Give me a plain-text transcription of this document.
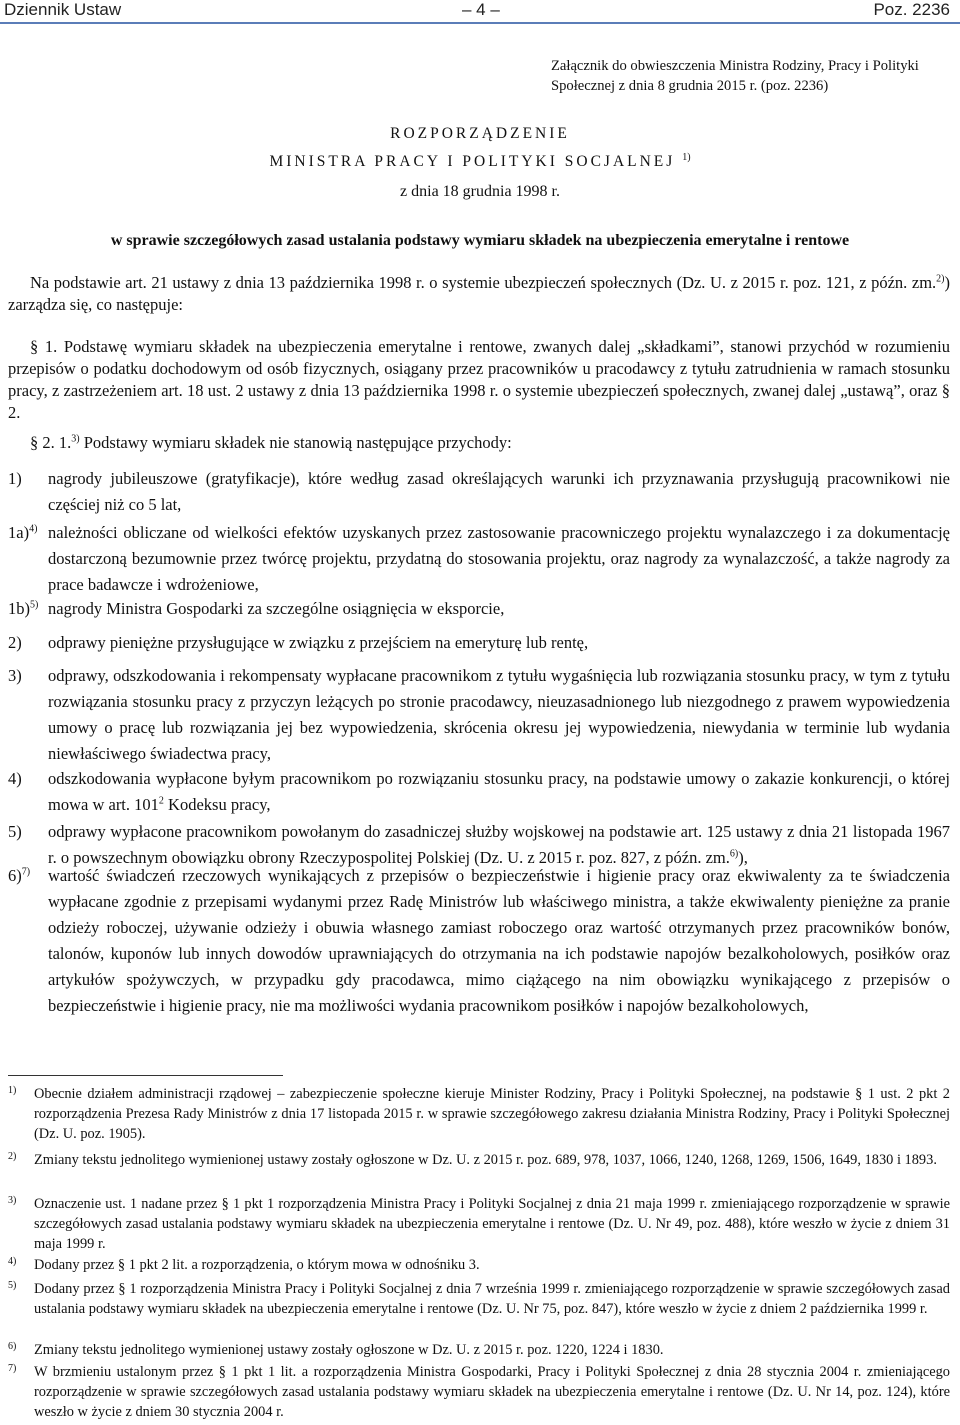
Dziennik Ustaw	– 4 –	Poz. 2236
Załącznik do obwieszczenia Ministra Rodziny, Pracy i Polityki Społecznej z dnia 8 grudnia 2015 r. (poz. 2236)
ROZPORZĄDZENIE
MINISTRA PRACY I POLITYKI SOCJALNEJ $^{1)}$
z dnia 18 grudnia 1998 r.
w sprawie szczegółowych zasad ustalania podstawy wymiaru składek na ubezpieczenia emerytalne i rentowe
Na podstawie art. 21 ustawy z dnia 13 października 1998 r. o systemie ubezpieczeń społecznych (Dz. U. z 2015 r. poz. 121, z późn. zm.$^{2)}$) zarządza się, co następuje:
§ 1. Podstawę wymiaru składek na ubezpieczenia emerytalne i rentowe, zwanych dalej „składkami”, stanowi przychód w rozumieniu przepisów o podatku dochodowym od osób fizycznych, osiągany przez pracowników u pracodawcy z tytułu zatrudnienia w ramach stosunku pracy, z zastrzeżeniem art. 18 ust. 2 ustawy z dnia 13 października 1998 r. o systemie ubezpieczeń społecznych, zwanej dalej „ustawą”, oraz § 2.
§ 2. 1.$^{3)}$ Podstawy wymiaru składek nie stanowią następujące przychody:
1)	nagrody jubileuszowe (gratyfikacje), które według zasad określających warunki ich przyznawania przysługują pracownikowi nie częściej niż co 5 lat,
1a)$^{4)}$ należności obliczane od wielkości efektów uzyskanych przez zastosowanie pracowniczego projektu wynalazczego i za dokumentację dostarczoną bezumownie przez twórcę projektu, przydatną do stosowania projektu, oraz nagrody za wynalazczość, a także nagrody za prace badawcze i wdrożeniowe,
1b)$^{5)}$ nagrody Ministra Gospodarki za szczególne osiągnięcia w eksporcie,
2)	odprawy pieniężne przysługujące w związku z przejściem na emeryturę lub rentę,
3)	odprawy, odszkodowania i rekompensaty wypłacane pracownikom z tytułu wygaśnięcia lub rozwiązania stosunku pracy, w tym z tytułu rozwiązania stosunku pracy z przyczyn leżących po stronie pracodawcy, nieuzasadnionego lub niezgodnego z prawem wypowiedzenia umowy o pracę lub rozwiązania jej bez wypowiedzenia, skrócenia okresu jej wypowiedzenia, niewydania w terminie lub wydania niewłaściwego świadectwa pracy,
4)	odszkodowania wypłacone byłym pracownikom po rozwiązaniu stosunku pracy, na podstawie umowy o zakazie konkurencji, o której mowa w art. $101^2$ Kodeksu pracy,
5)	odprawy wypłacone pracownikom powołanym do zasadniczej służby wojskowej na podstawie art. 125 ustawy z dnia 21 listopada 1967 r. o powszechnym obowiązku obrony Rzeczypospolitej Polskiej (Dz. U. z 2015 r. poz. 827, z późn. zm.$^{6)}$),
6)$^{7)}$	wartość świadczeń rzeczowych wynikających z przepisów o bezpieczeństwie i higienie pracy oraz ekwiwalenty za te świadczenia wypłacane zgodnie z przepisami wydanymi przez Radę Ministrów lub właściwego ministra, a także ekwiwalenty pieniężne za pranie odzieży roboczej, używanie odzieży i obuwia własnego zamiast roboczego oraz wartość otrzymanych przez pracowników bonów, talonów, kuponów lub innych dowodów uprawniających do otrzymania na ich podstawie napojów bezalkoholowych, posiłków oraz artykułów spożywczych, w przypadku gdy pracodawca, mimo ciążącego na nim obowiązku wynikającego z przepisów o bezpieczeństwie i higienie pracy, nie ma możliwości wydania pracownikom posiłków i napojów bezalkoholowych,
1) Obecnie działem administracji rządowej – zabezpieczenie społeczne kieruje Minister Rodziny, Pracy i Polityki Społecznej, na podstawie § 1 ust. 2 pkt 2 rozporządzenia Prezesa Rady Ministrów z dnia 17 listopada 2015 r. w sprawie szczegółowego zakresu działania Ministra Rodziny, Pracy i Polityki Społecznej (Dz. U. poz. 1905).
2) Zmiany tekstu jednolitego wymienionej ustawy zostały ogłoszone w Dz. U. z 2015 r. poz. 689, 978, 1037, 1066, 1240, 1268, 1269, 1506, 1649, 1830 i 1893.
3) Oznaczenie ust. 1 nadane przez § 1 pkt 1 rozporządzenia Ministra Pracy i Polityki Socjalnej z dnia 21 maja 1999 r. zmieniającego rozporządzenie w sprawie szczegółowych zasad ustalania podstawy wymiaru składek na ubezpieczenia emerytalne i rentowe (Dz. U. Nr 49, poz. 488), które weszło w życie z dniem 31 maja 1999 r.
4) Dodany przez § 1 pkt 2 lit. a rozporządzenia, o którym mowa w odnośniku 3.
5) Dodany przez § 1 rozporządzenia Ministra Pracy i Polityki Socjalnej z dnia 7 września 1999 r. zmieniającego rozporządzenie w sprawie szczegółowych zasad ustalania podstawy wymiaru składek na ubezpieczenia emerytalne i rentowe (Dz. U. Nr 75, poz. 847), które weszło w życie z dniem 2 października 1999 r.
6) Zmiany tekstu jednolitego wymienionej ustawy zostały ogłoszone w Dz. U. z 2015 r. poz. 1220, 1224 i 1830.
7) W brzmieniu ustalonym przez § 1 pkt 1 lit. a rozporządzenia Ministra Gospodarki, Pracy i Polityki Społecznej z dnia 28 stycznia 2004 r. zmieniającego rozporządzenie w sprawie szczegółowych zasad ustalania podstawy wymiaru składek na ubezpieczenia emerytalne i rentowe (Dz. U. Nr 14, poz. 124), które weszło w życie z dniem 30 stycznia 2004 r.
